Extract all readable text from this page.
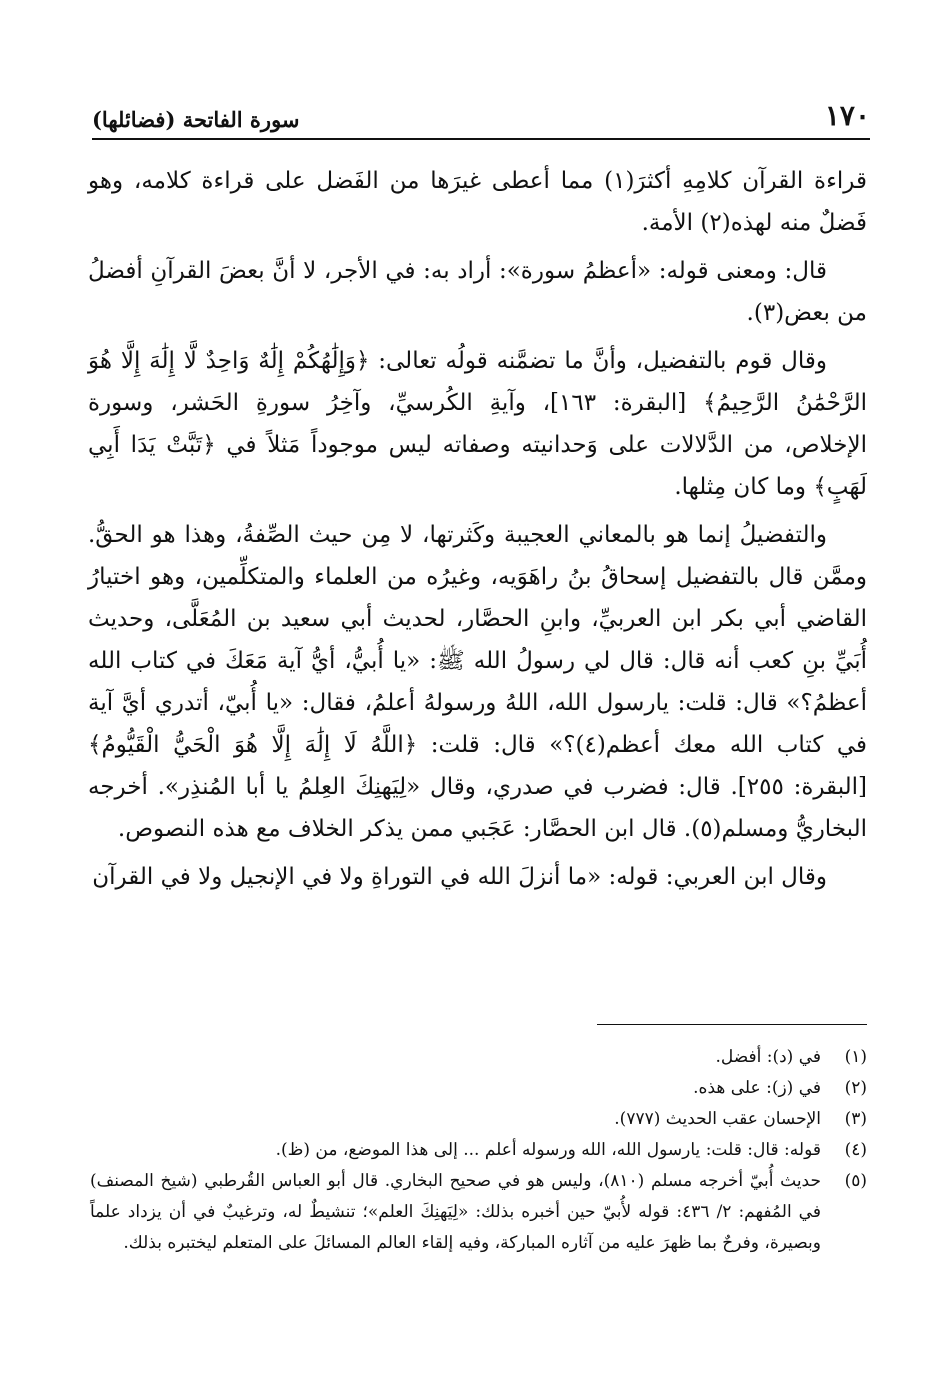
١٧٠
سورة الفاتحة (فضائلها)

قراءة القرآن كلامِهِ أكثرَ(١) مما أعطى غيرَها من الفَضل على قراءة كلامه، وهو فَضلٌ منه لهذه(٢) الأمة.

قال: ومعنى قوله: «أعظمُ سورة»: أراد به: في الأجر، لا أنَّ بعضَ القرآنِ أفضلُ من بعض(٣).

وقال قوم بالتفضيل، وأنَّ ما تضمَّنه قولُه تعالى: ﴿وَإِلَٰهُكُمْ إِلَٰهٌ وَاحِدٌ لَّا إِلَٰهَ إِلَّا هُوَ الرَّحْمَٰنُ الرَّحِيمُ﴾ [البقرة: ١٦٣]، وآيةِ الكُرسيِّ، وآخِرُ سورةِ الحَشر، وسورة الإخلاص، من الدَّلالات على وَحدانيته وصفاته ليس موجوداً مَثلاً في ﴿تَبَّتْ يَدَا أَبِي لَهَبٍ﴾ وما كان مِثلها.

والتفضيلُ إنما هو بالمعاني العجيبة وكَثرتها، لا مِن حيث الصِّفةُ، وهذا هو الحقُّ. وممَّن قال بالتفضيل إسحاقُ بنُ راهَوَيه، وغيرُه من العلماء والمتكلِّمين، وهو اختيارُ القاضي أبي بكر ابن العربيِّ، وابنِ الحصَّار، لحديث أبي سعيد بن المُعَلَّى، وحديث أُبَيِّ بنِ كعب أنه قال: قال لي رسولُ الله ﷺ: «يا أُبيُّ، أيُّ آية مَعَكَ في كتاب الله أعظمُ؟» قال: قلت: يارسول الله، اللهُ ورسولهُ أعلمُ، فقال: «يا أُبيّ، أتدري أيَّ آية في كتاب الله معك أعظم(٤)؟» قال: قلت: ﴿اللَّهُ لَا إِلَٰهَ إِلَّا هُوَ الْحَيُّ الْقَيُّومُ﴾ [البقرة: ٢٥٥]. قال: فضرب في صدري، وقال «لِيَهنِكَ العِلمُ يا أبا المُنذِر». أخرجه البخاريُّ ومسلم(٥). قال ابن الحصَّار: عَجَبي ممن يذكر الخلاف مع هذه النصوص.

وقال ابن العربي: قوله: «ما أنزلَ الله في التوراةِ ولا في الإنجيل ولا في القرآن

(١)
في (د): أفضل.
(٢)
في (ز): على هذه.
(٣)
الإحسان عقب الحديث (٧٧٧).
(٤)
قوله: قال: قلت: يارسول الله، الله ورسوله أعلم ... إلى هذا الموضع، من (ظ).
(٥)
حديث أُبيّ أخرجه مسلم (٨١٠)، وليس هو في صحيح البخاري. قال أبو العباس القُرطبي (شيخ المصنف) في المُفهم: ٢/ ٤٣٦: قوله لأُبيّ حين أخبره بذلك: «لِيَهنِكَ العلم»؛ تنشيطٌ له، وترغيبٌ في أن يزداد علماً وبصيرة، وفرحٌ بما ظهرَ عليه من آثاره المباركة، وفيه إلقاء العالم المسائلَ على المتعلم ليختبره بذلك.
